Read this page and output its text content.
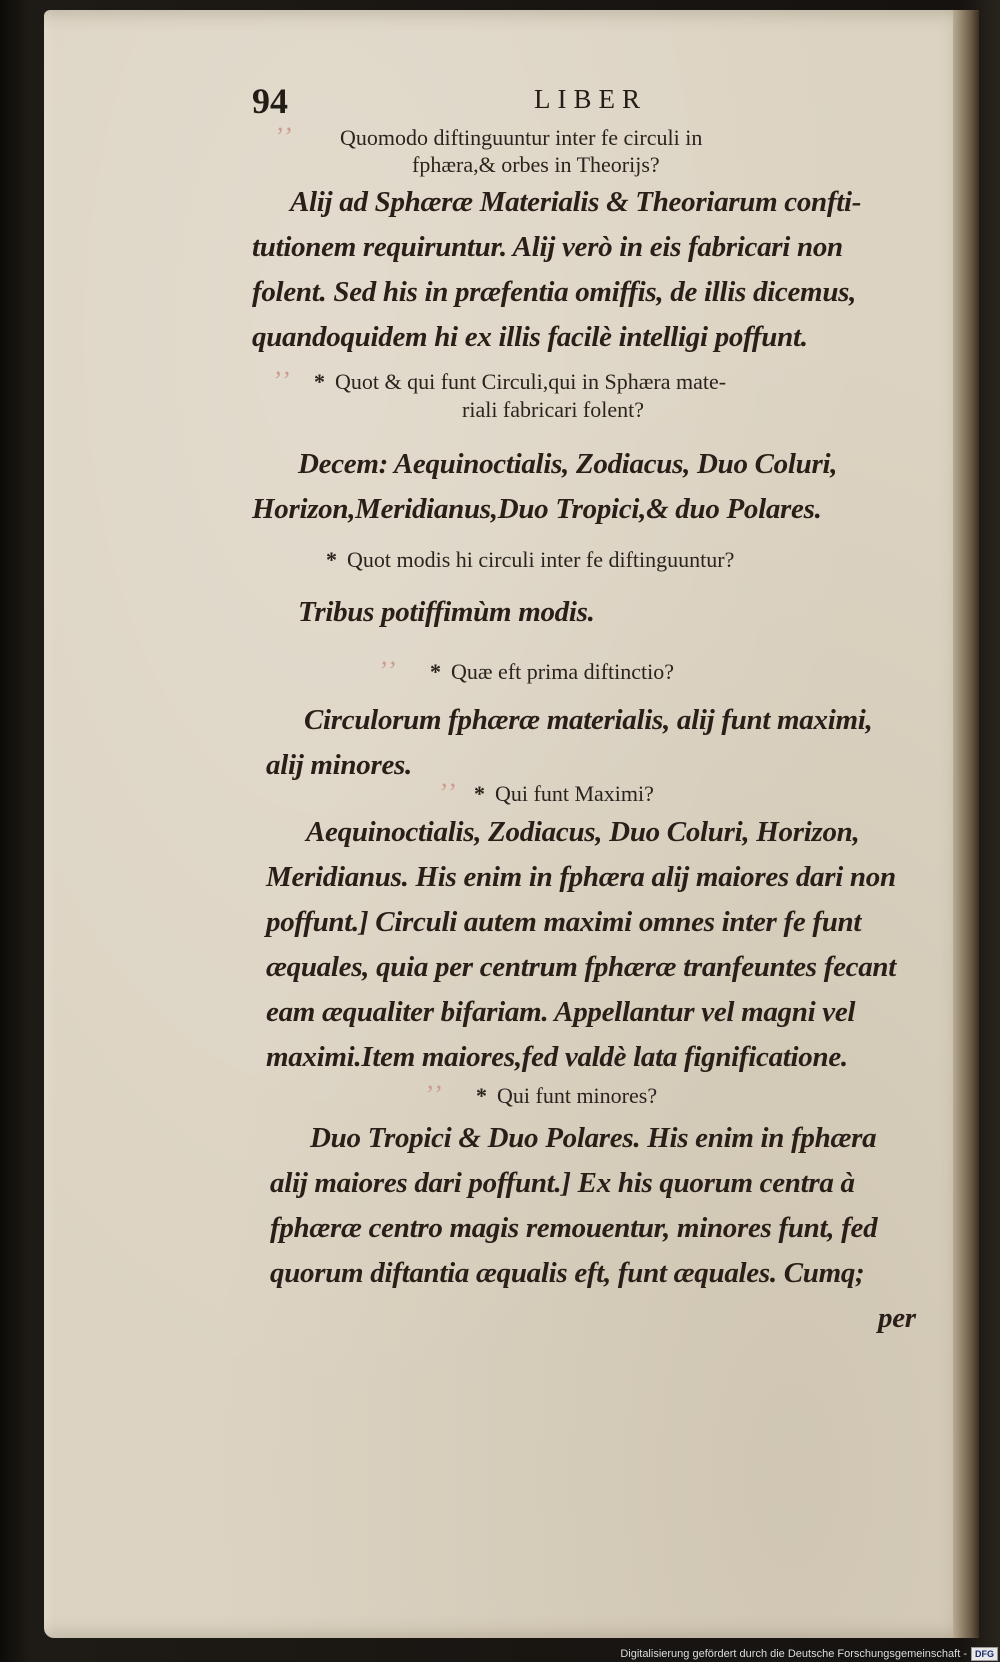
94	LIBER
ʼʼ Quomodo diftinguuntur inter fe circuli in
fphæra,& orbes in Theorijs?
Alij ad Sphæræ Materialis & Theoriarum confti-
tutionem requiruntur. Alij verò in eis fabricari non
folent. Sed his in præfentia omiffis, de illis dicemus,
quandoquidem hi ex illis facilè intelligi poffunt.
ʼʼ * Quot & qui funt Circuli,qui in Sphæra mate-
riali fabricari folent?
Decem: Aequinoctialis, Zodiacus, Duo Coluri,
Horizon,Meridianus,Duo Tropici,& duo Polares.
* Quot modis hi circuli inter fe diftinguuntur?
Tribus potiffimùm modis.
ʼʼ * Quæ eft prima diftinctio?
Circulorum fphæræ materialis, alij funt maximi,
alij minores.
ʼʼ * Qui funt Maximi?
Aequinoctialis, Zodiacus, Duo Coluri, Horizon,
Meridianus. His enim in fphæra alij maiores dari non
poffunt.] Circuli autem maximi omnes inter fe funt
æquales, quia per centrum fphæræ tranfeuntes fecant
eam æqualiter bifariam. Appellantur vel magni vel
maximi.Item maiores,fed valdè lata fignificatione.
ʼʼ * Qui funt minores?
Duo Tropici & Duo Polares. His enim in fphæra
alij maiores dari poffunt.] Ex his quorum centra à
fphæræ centro magis remouentur, minores funt, fed
quorum diftantia æqualis eft, funt æquales. Cumq;
per
Digitalisierung gefördert durch die Deutsche Forschungsgemeinschaft - DFG
